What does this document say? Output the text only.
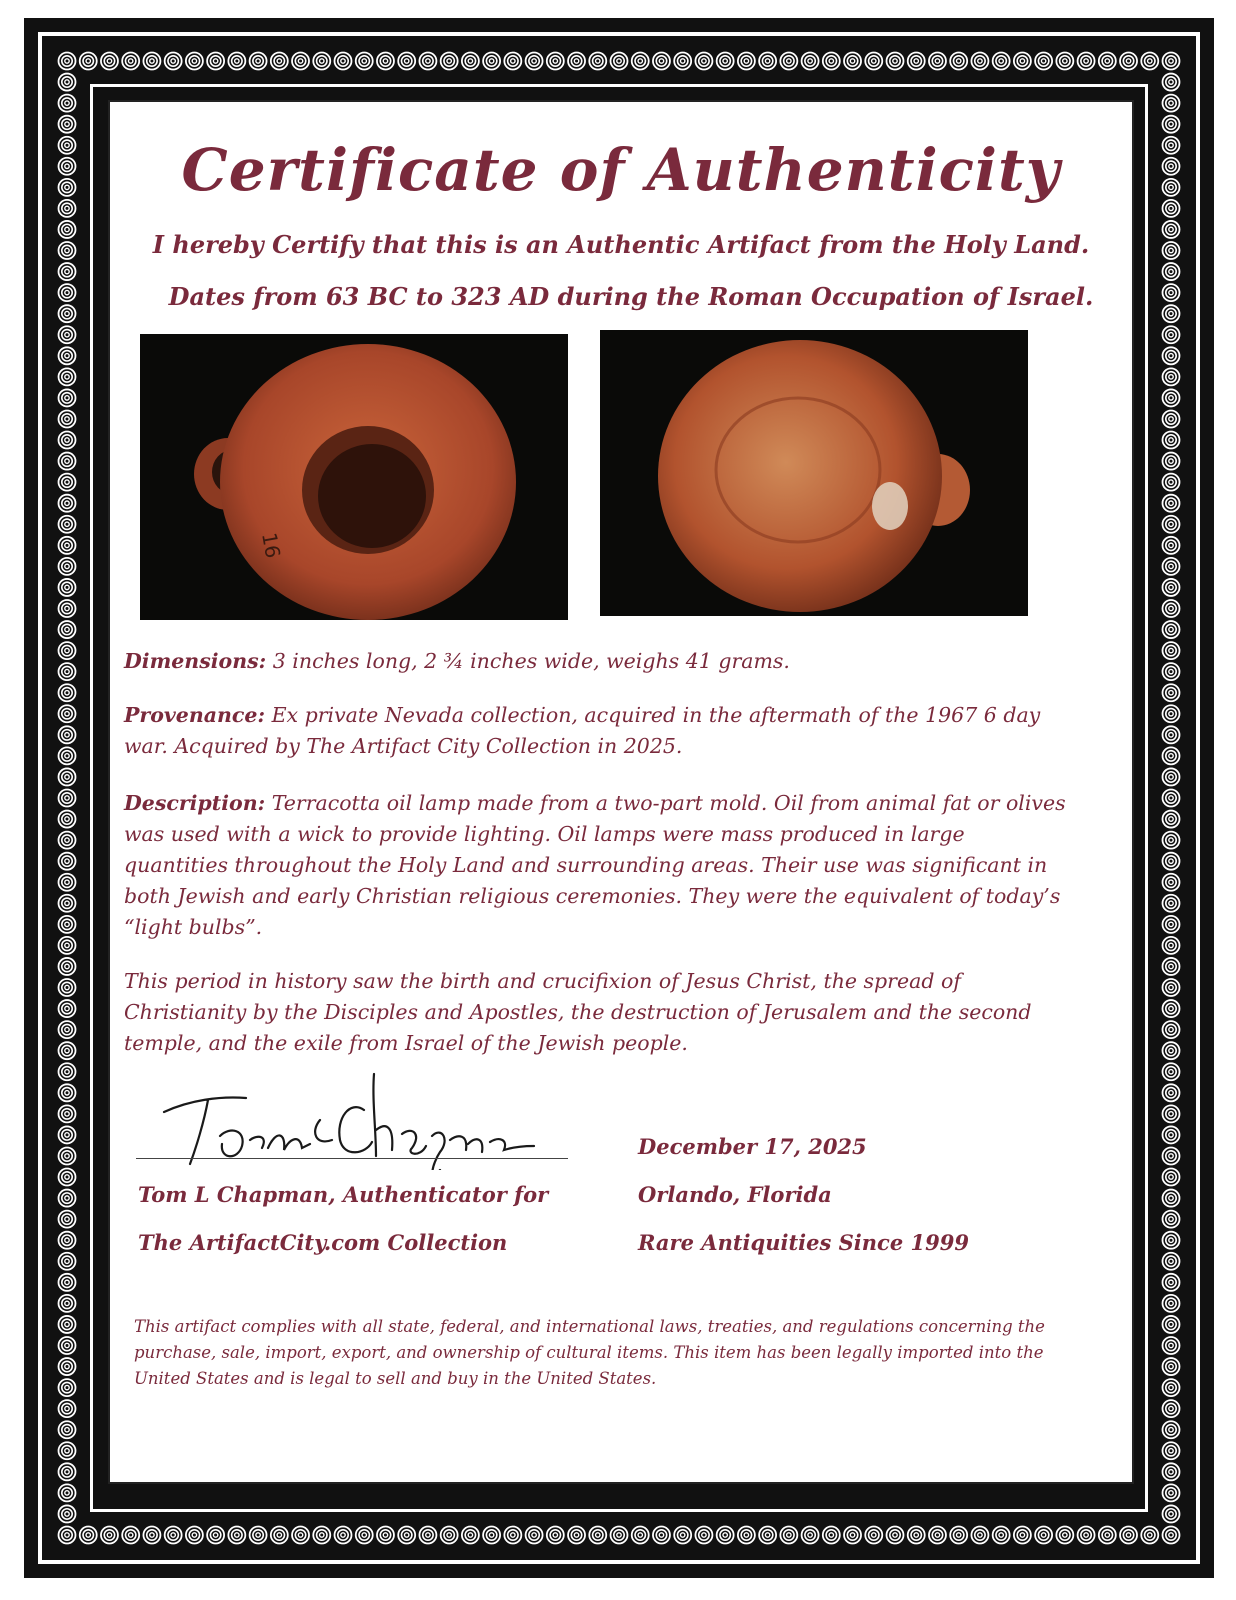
Certificate of Authenticity
I hereby Certify that this is an Authentic Artifact from the Holy Land.
Dates from 63 BC to 323 AD during the Roman Occupation of Israel.
16
Dimensions: 3 inches long, 2 ¾ inches wide, weighs 41 grams.
Provenance: Ex private Nevada collection, acquired in the aftermath of the 1967 6 day war. Acquired by The Artifact City Collection in 2025.
Description: Terracotta oil lamp made from a two-part mold. Oil from animal fat or olives was used with a wick to provide lighting. Oil lamps were mass produced in large quantities throughout the Holy Land and surrounding areas. Their use was significant in both Jewish and early Christian religious ceremonies. They were the equivalent of today’s “light bulbs”.
This period in history saw the birth and crucifixion of Jesus Christ, the spread of Christianity by the Disciples and Apostles, the destruction of Jerusalem and the second temple, and the exile from Israel of the Jewish people.
Tom L Chapman, Authenticator for
The ArtifactCity.com Collection
December 17, 2025
Orlando, Florida
Rare Antiquities Since 1999
This artifact complies with all state, federal, and international laws, treaties, and regulations concerning the purchase, sale, import, export, and ownership of cultural items. This item has been legally imported into the United States and is legal to sell and buy in the United States.
